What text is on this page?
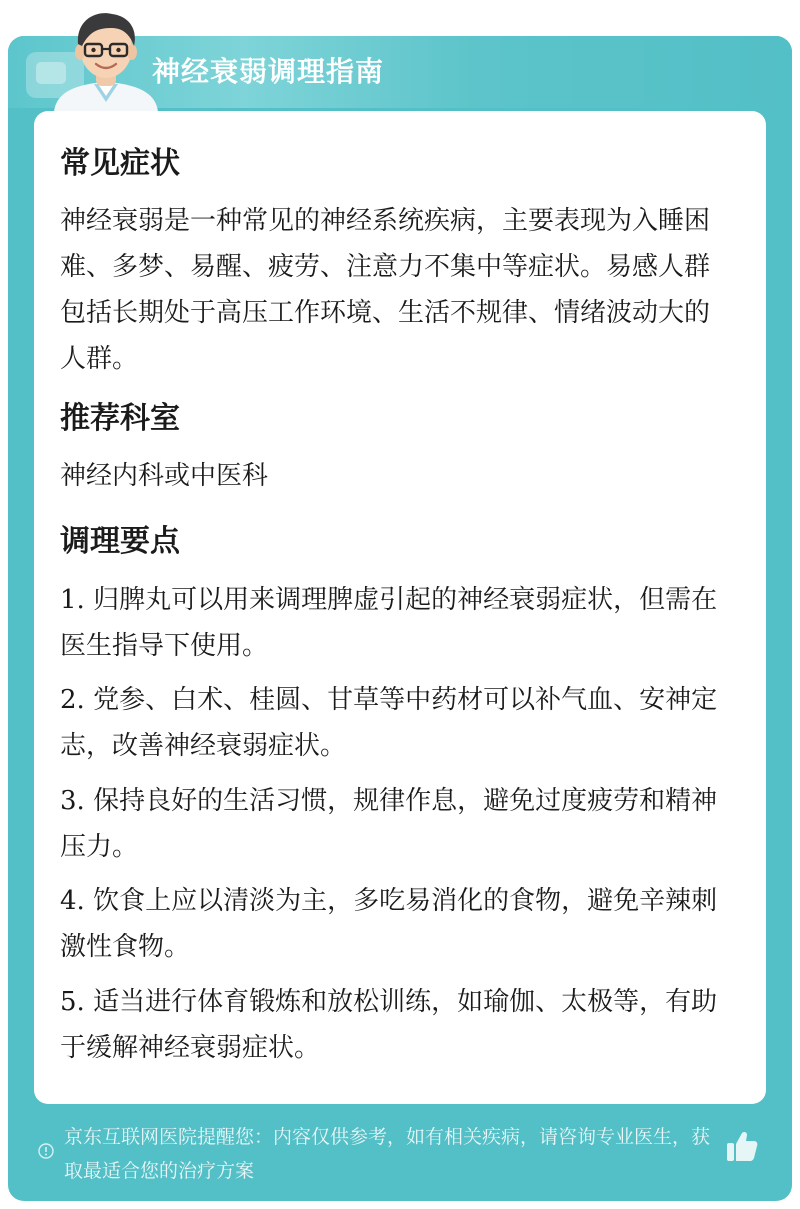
神经衰弱调理指南
常见症状
神经衰弱是一种常见的神经系统疾病，主要表现为入睡困难、多梦、易醒、疲劳、注意力不集中等症状。易感人群包括长期处于高压工作环境、生活不规律、情绪波动大的人群。
推荐科室
神经内科或中医科
调理要点
1. 归脾丸可以用来调理脾虚引起的神经衰弱症状，但需在医生指导下使用。
2. 党参、白术、桂圆、甘草等中药材可以补气血、安神定志，改善神经衰弱症状。
3. 保持良好的生活习惯，规律作息，避免过度疲劳和精神压力。
4. 饮食上应以清淡为主，多吃易消化的食物，避免辛辣刺激性食物。
5. 适当进行体育锻炼和放松训练，如瑜伽、太极等，有助于缓解神经衰弱症状。
京东互联网医院提醒您：内容仅供参考，如有相关疾病，请咨询专业医生，获取最适合您的治疗方案
